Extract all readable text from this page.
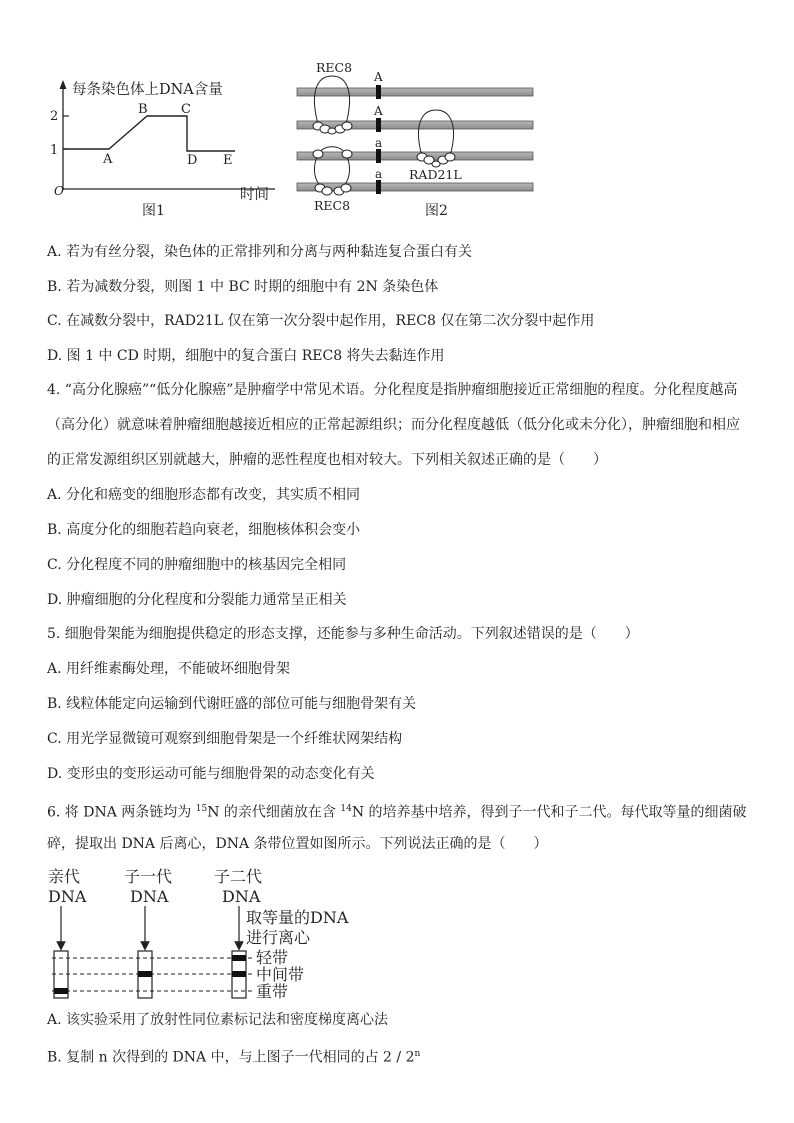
每条染色体上DNA含量
2
1
O
A
B	C
D E
时间
图1
A
A
a
a
REC8
REC8
RAD21L
图2
A. 若为有丝分裂，染色体的正常排列和分离与两种黏连复合蛋白有关
B. 若为减数分裂，则图 1 中 BC 时期的细胞中有 2N 条染色体
C. 在减数分裂中，RAD21L 仅在第一次分裂中起作用，REC8 仅在第二次分裂中起作用
D. 图 1 中 CD 时期，细胞中的复合蛋白 REC8 将失去黏连作用
4. “高分化腺癌”“低分化腺癌”是肿瘤学中常见术语。分化程度是指肿瘤细胞接近正常细胞的程度。分化程度越高
（高分化）就意味着肿瘤细胞越接近相应的正常起源组织；而分化程度越低（低分化或未分化），肿瘤细胞和相应
的正常发源组织区别就越大，肿瘤的恶性程度也相对较大。下列相关叙述正确的是（　　）
A. 分化和癌变的细胞形态都有改变，其实质不相同
B. 高度分化的细胞若趋向衰老，细胞核体积会变小
C. 分化程度不同的肿瘤细胞中的核基因完全相同
D. 肿瘤细胞的分化程度和分裂能力通常呈正相关
5. 细胞骨架能为细胞提供稳定的形态支撑，还能参与多种生命活动。下列叙述错误的是（　　）
A. 用纤维素酶处理，不能破坏细胞骨架
B. 线粒体能定向运输到代谢旺盛的部位可能与细胞骨架有关
C. 用光学显微镜可观察到细胞骨架是一个纤维状网架结构
D. 变形虫的变形运动可能与细胞骨架的动态变化有关
6. 将 DNA 两条链均为 $^{15}$N 的亲代细菌放在含 $^{14}$N 的培养基中培养，得到子一代和子二代。每代取等量的细菌破
碎，提取出 DNA 后离心，DNA 条带位置如图所示。下列说法正确的是（　　）
亲代
DNA
子一代
DNA
子二代
DNA
取等量的DNA
进行离心
轻带
中间带
重带
A. 该实验采用了放射性同位素标记法和密度梯度离心法
B. 复制 n 次得到的 DNA 中，与上图子一代相同的占 2 / 2$^n$
